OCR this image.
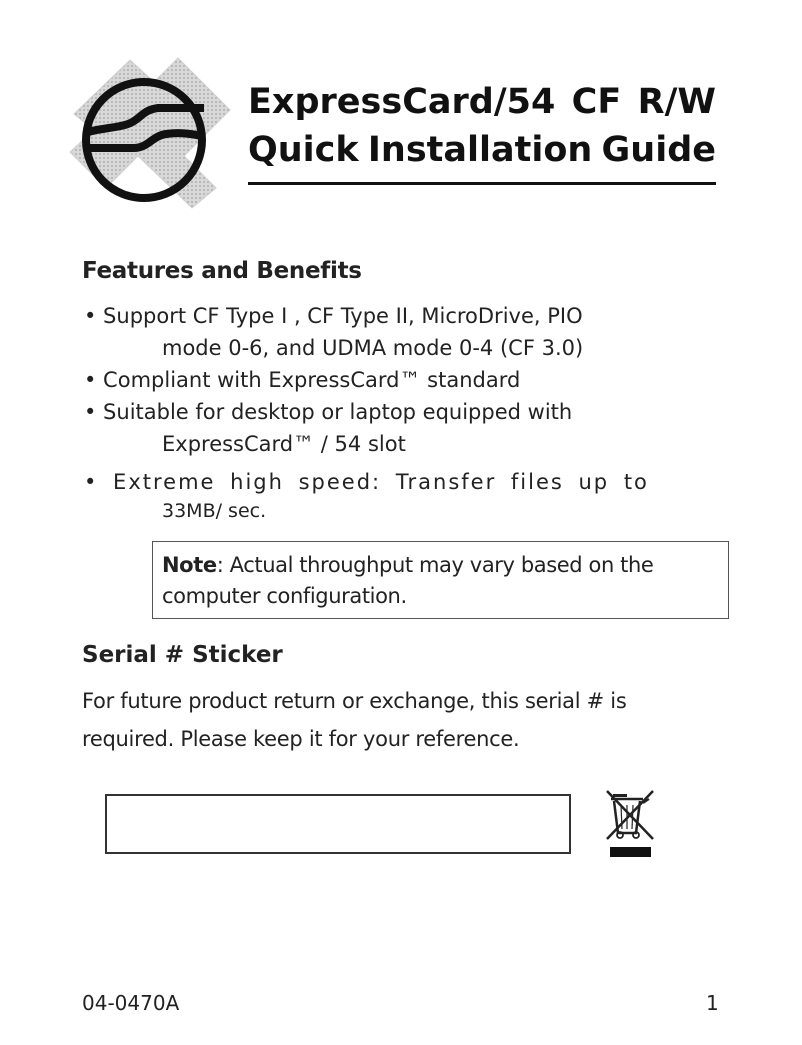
ExpressCard/54 CF R/W
Quick Installation Guide
Features and Benefits

• Support CF Type I , CF Type II, MicroDrive, PIO
mode 0-6, and UDMA mode 0-4 (CF 3.0)

• Compliant with ExpressCard™ standard

• Suitable for desktop or laptop equipped with
ExpressCard™ / 54 slot

• Extreme high speed: Transfer files up to
33MB/ sec.

Note: Actual throughput may vary based on the computer configuration.
Serial # Sticker
For future product return or exchange, this serial # is required. Please keep it for your reference.
04-0470A	1
